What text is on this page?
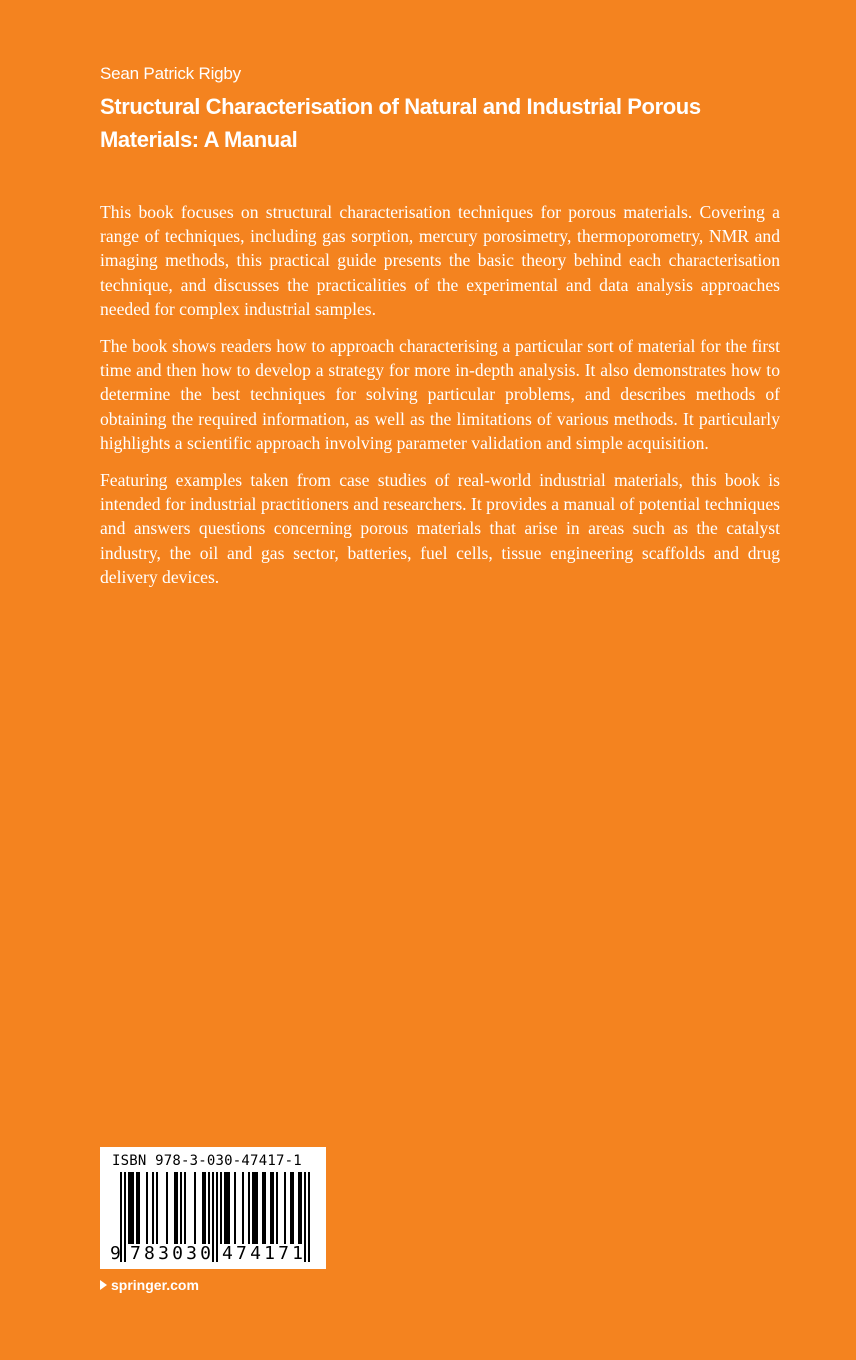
Sean Patrick Rigby
Structural Characterisation of Natural and Industrial Porous Materials: A Manual

This book focuses on structural characterisation techniques for porous materials. Covering a range of techniques, including gas sorption, mercury porosimetry, thermoporometry, NMR and imaging methods, this practical guide presents the basic theory behind each characterisation technique, and discusses the practicalities of the experimental and data analysis approaches needed for complex industrial samples.

The book shows readers how to approach characterising a particular sort of material for the first time and then how to develop a strategy for more in-depth analysis. It also demonstrates how to determine the best techniques for solving particular problems, and describes methods of obtaining the required information, as well as the limitations of various methods. It particularly highlights a scientific approach involving parameter validation and simple acquisition.

Featuring examples taken from case studies of real-world industrial materials, this book is intended for industrial practitioners and researchers. It provides a manual of potential techniques and answers questions concerning porous materials that arise in areas such as the catalyst industry, the oil and gas sector, batteries, fuel cells, tissue engineering scaffolds and drug delivery devices.

ISBN 978-3-030-47417-1
9 783030 474171
springer.com
